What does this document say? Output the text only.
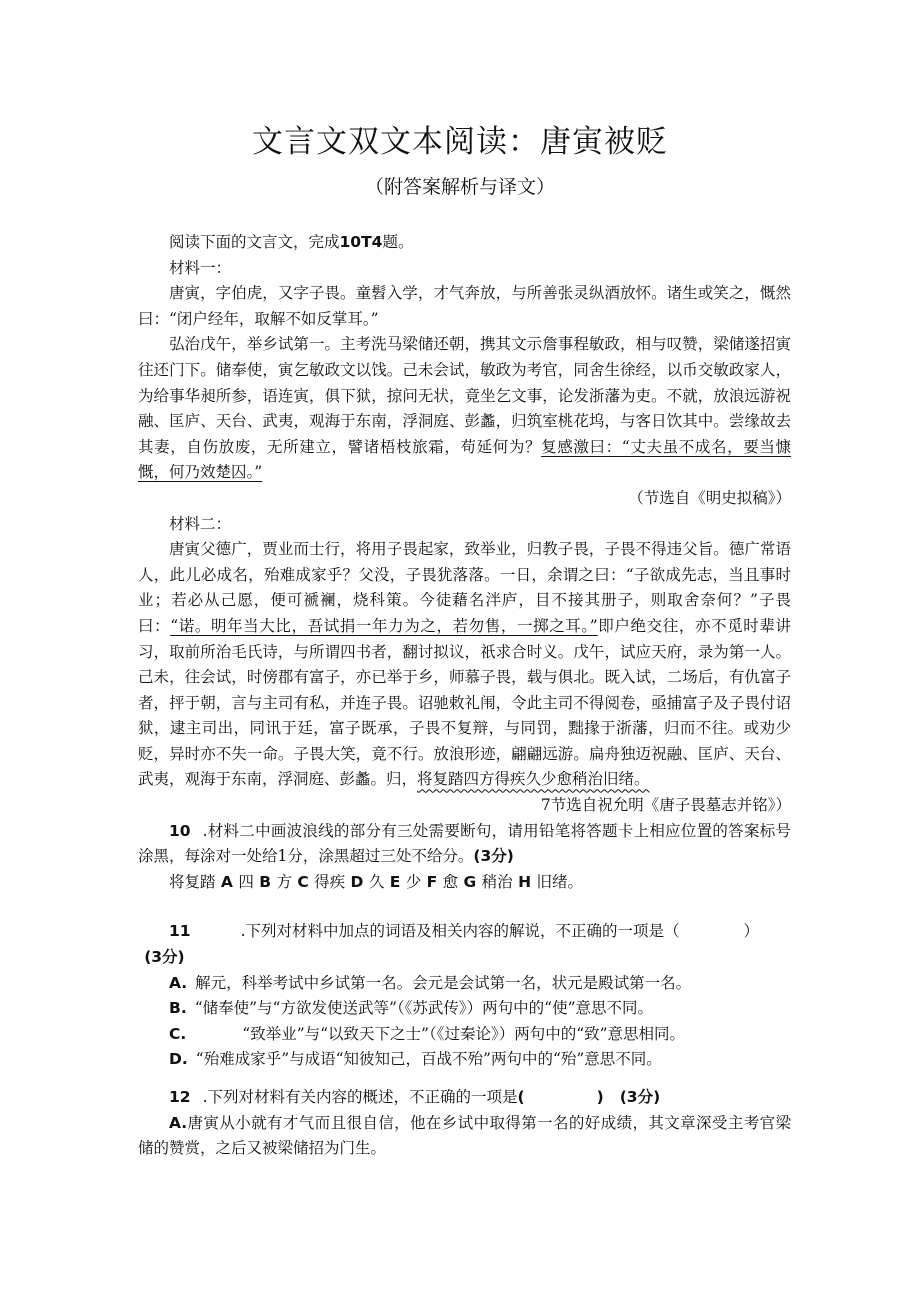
文言文双文本阅读：唐寅被贬
（附答案解析与译文）

阅读下面的文言文，完成10T4题。

材料一：

唐寅，字伯虎，又字子畏。童髫入学，才气奔放，与所善张灵纵酒放怀。诸生或笑之，慨然曰：“闭户经年，取解不如反掌耳。”

弘治戊午，举乡试第一。主考洗马梁储还朝，携其文示詹事程敏政，相与叹赞，梁储遂招寅往还门下。储奉使，寅乞敏政文以饯。己未会试，敏政为考官，同舍生徐经，以币交敏政家人，为给事华昶所参，语连寅，俱下狱，掠问无状，竟坐乞文事，论发浙藩为吏。不就，放浪远游祝融、匡庐、天台、武夷，观海于东南，浮洞庭、彭蠡，归筑室桃花坞，与客日饮其中。尝缘故去其妻，自伤放废，无所建立，譬诸梧枝旅霜，苟延何为？复感激曰：“丈夫虽不成名，要当慷慨，何乃效楚囚。”

（节选自《明史拟稿》）

材料二：

唐寅父德广，贾业而士行，将用子畏起家，致举业，归教子畏，子畏不得违父旨。德广常语人，此儿必成名，殆难成家乎？父没，子畏犹落落。一日，余谓之曰：“子欲成先志，当且事时业；若必从己愿，便可褫襕，烧科策。今徒藉名泮庐，目不接其册子，则取舍奈何？”子畏曰：“诺。明年当大比，吾试捐一年力为之，若勿售，一掷之耳。”即户绝交往，亦不觅时辈讲习，取前所治毛氏诗，与所谓四书者，翻讨拟议，祇求合时义。戊午，试应天府，录为第一人。己未，往会试，时傍郡有富子，亦已举于乡，师慕子畏，载与俱北。既入试，二场后，有仇富子者，抨于朝，言与主司有私，并连子畏。诏驰敕礼闱，令此主司不得阅卷，亟捕富子及子畏付诏狱，逮主司出，同讯于廷，富子既承，子畏不复辩，与同罚，黜掾于浙藩，归而不往。或劝少贬，异时亦不失一命。子畏大笑，竟不行。放浪形迹，翩翩远游。扁舟独迈祝融、匡庐、天台、武夷，观海于东南，浮洞庭、彭蠡。归，将复踏四方得疾久少愈稍治旧绪。

7节选自祝允明《唐子畏墓志并铭》）

10 .材料二中画波浪线的部分有三处需要断句，请用铅笔将答题卡上相应位置的答案标号涂黑，每涂对一处给1分，涂黑超过三处不给分。(3分)

将复踏 A 四 B 方 C 得疾 D 久 E 少 F 愈 G 稍治 H 旧绪。

11	.下列对材料中加点的词语及相关内容的解说，不正确的一项是（	）

(3分)

A. 解元，科举考试中乡试第一名。会元是会试第一名，状元是殿试第一名。

B. “储奉使”与“方欲发使送武等”（《苏武传》）两句中的“使”意思不同。

C.	“致举业”与“以致天下之士”（《过秦论》）两句中的“致”意思相同。

D. “殆难成家乎”与成语“知彼知己，百战不殆”两句中的“殆”意思不同。

12 .下列对材料有关内容的概述，不正确的一项是(	) (3分)

A.唐寅从小就有才气而且很自信，他在乡试中取得第一名的好成绩，其文章深受主考官梁储的赞赏，之后又被梁储招为门生。
